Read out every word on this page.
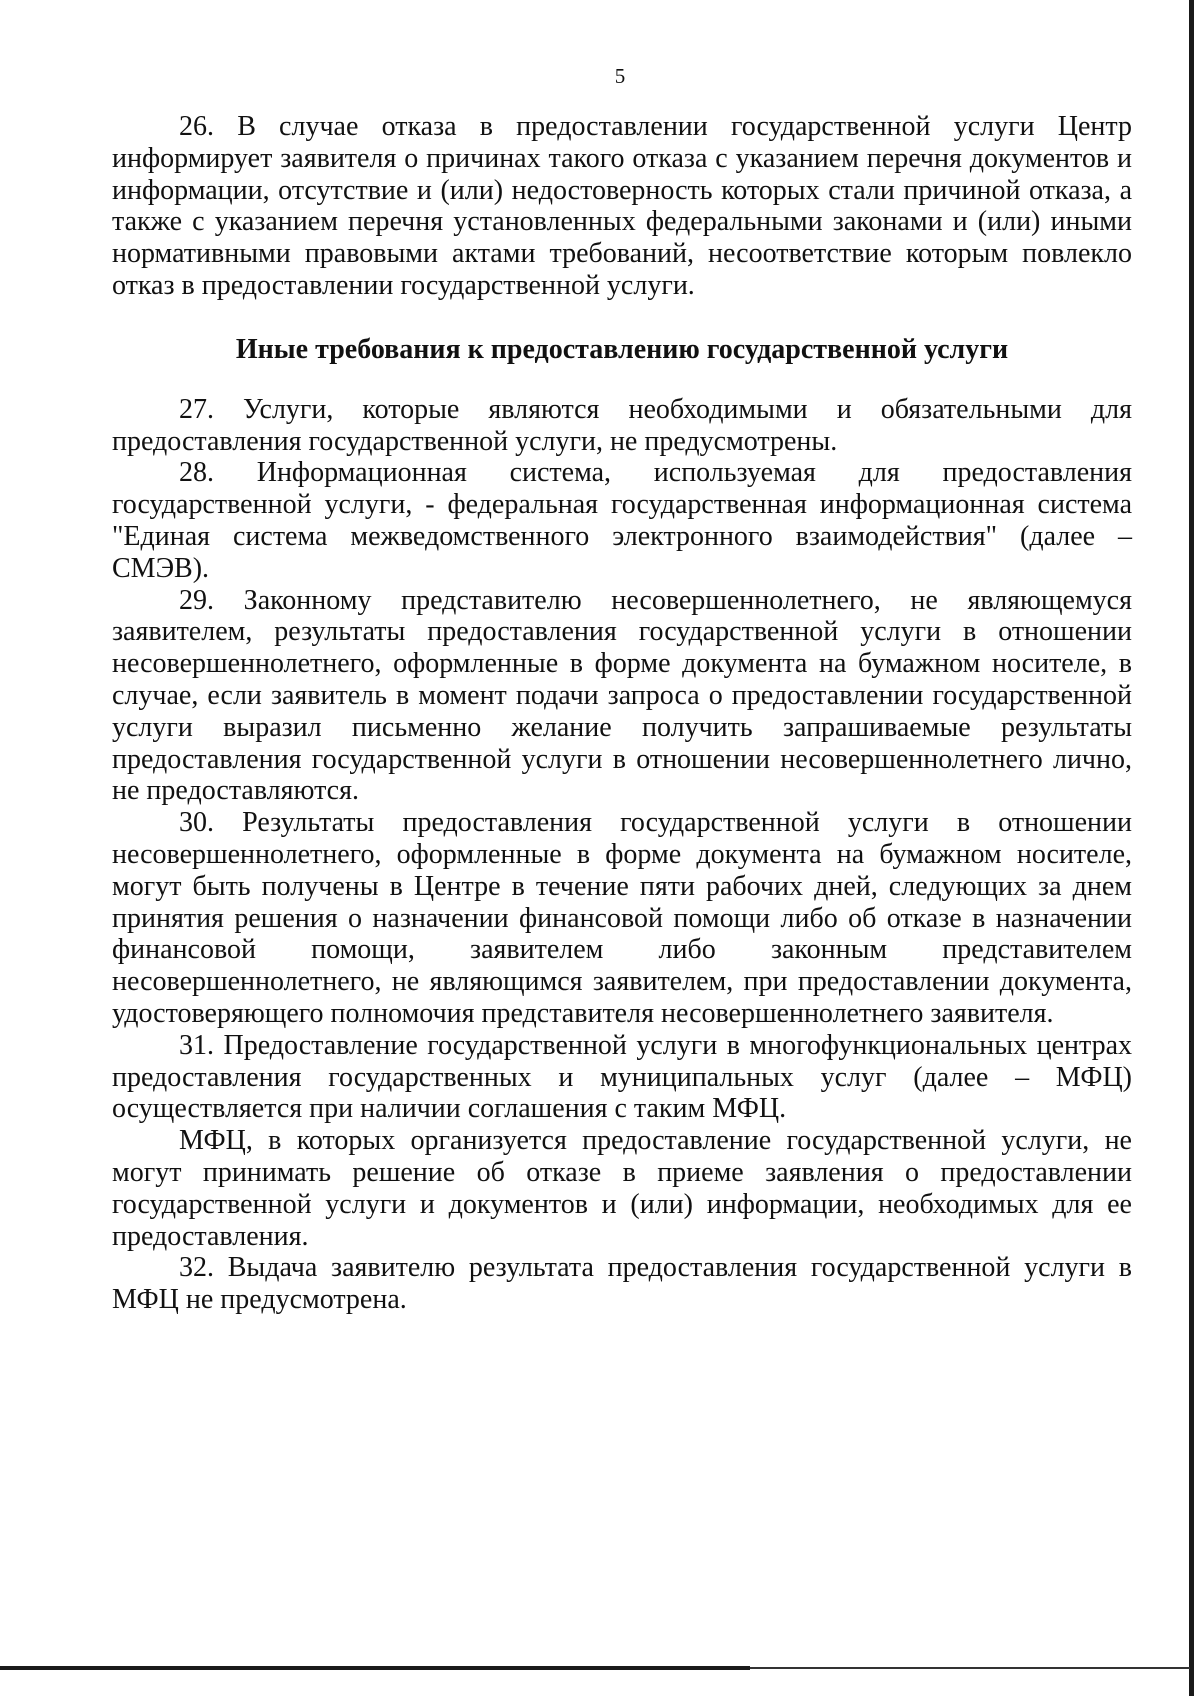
5

26. В случае отказа в предоставлении государственной услуги Центр информирует заявителя о причинах такого отказа с указанием перечня документов и информации, отсутствие и (или) недостоверность которых стали причиной отказа, а также с указанием перечня установленных федеральными законами и (или) иными нормативными правовыми актами требований, несоответствие которым повлекло отказ в предоставлении государственной услуги.

Иные требования к предоставлению государственной услуги

27. Услуги, которые являются необходимыми и обязательными для предоставления государственной услуги, не предусмотрены.

28. Информационная система, используемая для предоставления государственной услуги, - федеральная государственная информационная система "Единая система межведомственного электронного взаимодействия" (далее – СМЭВ).

29. Законному представителю несовершеннолетнего, не являющемуся заявителем, результаты предоставления государственной услуги в отношении несовершеннолетнего, оформленные в форме документа на бумажном носителе, в случае, если заявитель в момент подачи запроса о предоставлении государственной услуги выразил письменно желание получить запрашиваемые результаты предоставления государственной услуги в отношении несовершеннолетнего лично, не предоставляются.

30. Результаты предоставления государственной услуги в отношении несовершеннолетнего, оформленные в форме документа на бумажном носителе, могут быть получены в Центре в течение пяти рабочих дней, следующих за днем принятия решения о назначении финансовой помощи либо об отказе в назначении финансовой помощи, заявителем либо законным представителем несовершеннолетнего, не являющимся заявителем, при предоставлении документа, удостоверяющего полномочия представителя несовершеннолетнего заявителя.

31. Предоставление государственной услуги в многофункциональных центрах предоставления государственных и муниципальных услуг (далее – МФЦ) осуществляется при наличии соглашения с таким МФЦ.

МФЦ, в которых организуется предоставление государственной услуги, не могут принимать решение об отказе в приеме заявления о предоставлении государственной услуги и документов и (или) информации, необходимых для ее предоставления.

32. Выдача заявителю результата предоставления государственной услуги в МФЦ не предусмотрена.
